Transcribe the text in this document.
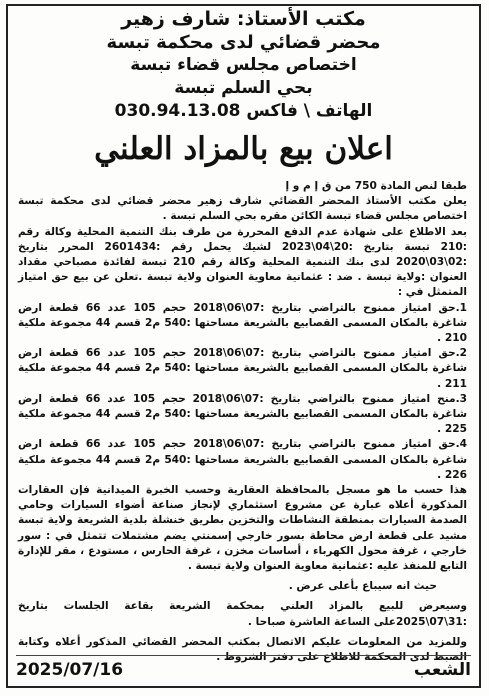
مكتب الأستاذ: شارف زهير
محضر قضائي لدى محكمة تبسة
اختصاص مجلس قضاء تبسة
بحي السلم تبسة
الهاتف \ فاكس 030.94.13.08
اعلان بيع بالمزاد العلني

طبقا لنص المادة 750 من ق إ م و إ

يعلن مكتب الأستاذ المحضر القضائي شارف زهير محضر قضائي لدى محكمة تبسة اختصاص مجلس قضاء تبسة الكائن مقره بحي السلم تبسة .

بعد الاطلاع على شهادة عدم الدفع المحررة من طرف بنك التنمية المحلية وكالة رقم :210 تبسة بتاريخ :20\04\2023 لشيك يحمل رقم :2601434 المحرر بتاريخ :02\03\2020 لدى بنك التنمية المحلية وكالة رقم 210 تبسة لفائدة مصباحي مقداد العنوان :ولاية تبسة . ضد : عثمانية معاوية العنوان ولاية تبسة .تعلن عن بيع حق امتياز المتمثل في :

1.حق امتياز ممنوح بالتراضي بتاريخ :07\06\2018 حجم 105 عدد 66 قطعة ارض شاغرة بالمكان المسمى القصابيع بالشريعة مساحتها :540 م2 قسم 44 مجموعة ملكية 210 .

2.حق امتياز ممنوح بالتراضي بتاريخ :07\06\2018 حجم 105 عدد 66 قطعة ارض شاغرة بالمكان المسمى القصابيع بالشريعة مساحتها :540 م2 قسم 44 مجموعة ملكية 211 .

3.منح امتياز ممنوح بالتراضي بتاريخ :07\06\2018 حجم 105 عدد 66 قطعة ارض شاغرة بالمكان المسمى القصابيع بالشريعة مساحتها :540 م2 قسم 44 مجموعة ملكية 225 .

4.حق امتياز ممنوح بالتراضي بتاريخ :07\06\2018 حجم 105 عدد 66 قطعة ارض شاغرة بالمكان المسمى القصابيع بالشريعة مساحتها :540 م2 قسم 44 مجموعة ملكية 226 .

هذا حسب ما هو مسجل بالمحافظة العقارية وحسب الخبرة الميدانية فإن العقارات المذكورة أعلاه عبارة عن مشروع استثماري لإنجاز صناعة أضواء السيارات وحامي الصدمة السيارات بمنطقة النشاطات والتخزين بطريق خنشلة بلدية الشريعة ولاية تبسة مشيد على قطعة ارض محاطة بسور خارجي إسمنتي يضم مشتملات تتمثل في : سور خارجي ، غرفة محول الكهرباء ، أساسات مخزن ، غرفة الحارس ، مستودع ، مقر للإدارة التابع للمنفذ عليه :عثمانية معاوية العنوان ولاية تبسة .

حيث انه سيباع بأعلى عرض .

وسيعرض للبيع بالمزاد العلني بمحكمة الشريعة بقاعة الجلسات بتاريخ :31\07\2025على الساعة العاشرة صباحا .

وللمزيد من المعلومات عليكم الاتصال بمكتب المحضر القضائي المذكور أعلاه وكتابة الضبط لدى المحكمة للاطلاع على دفتر الشروط .

الشعب
2025/07/16
